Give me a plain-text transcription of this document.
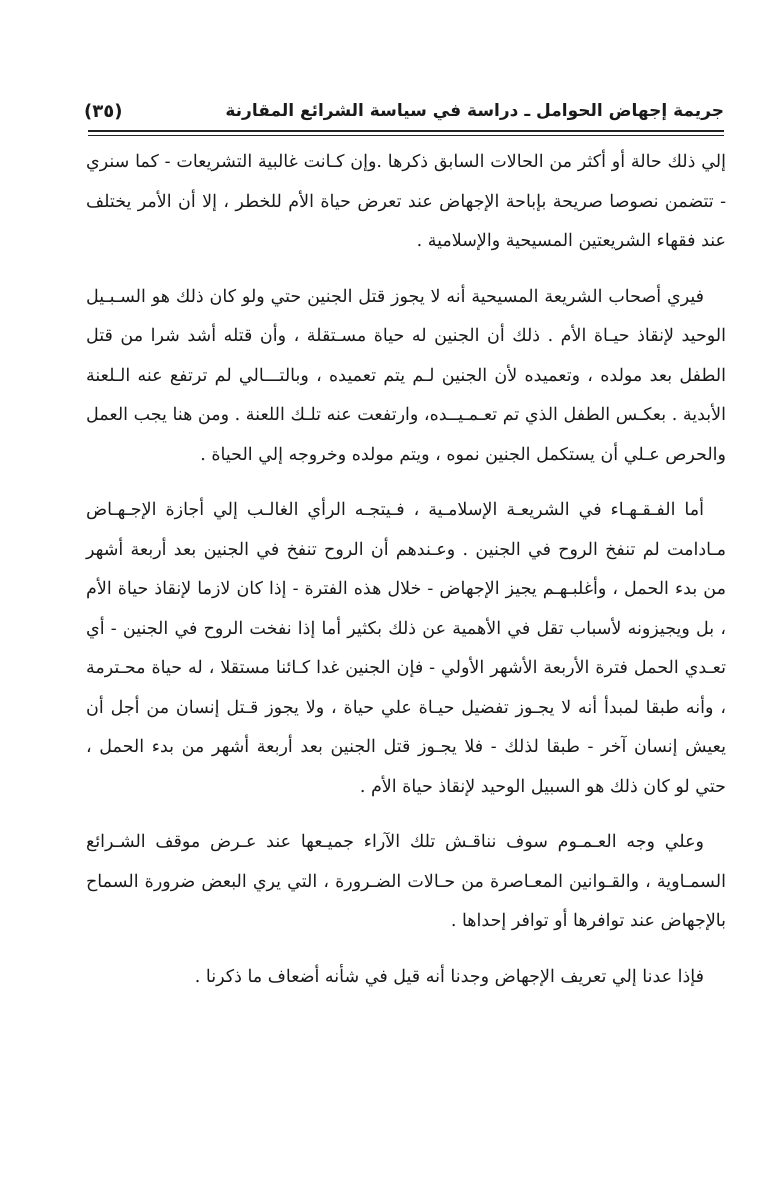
جريمة إجهاض الحوامل ـ دراسة في سياسة الشرائع المقارنة
(٣٥)

إلي ذلك حالة أو أكثر من الحالات السابق ذكرها .وإن كـانت غالبية التشريعات - كما سنري - تتضمن نصوصا صريحة بإباحة الإجهاض عند تعرض حياة الأم للخطر ، إلا أن الأمر يختلف عند فقهاء الشريعتين المسيحية والإسلامية .

فيري أصحاب الشريعة المسيحية أنه لا يجوز قتل الجنين حتي ولو كان ذلك هو السـبـيل الوحيد لإنقاذ حيـاة الأم . ذلك أن الجنين له حياة مسـتقلة ، وأن قتله أشد شرا من قتل الطفل بعد مولده ، وتعميده لأن الجنين لـم يتم تعميده ، وبالتـــالي لم ترتفع عنه الـلعنة الأبدية . بعكـس الطفل الذي تم تعـمـيــده، وارتفعت عنه تلـك اللعنة . ومن هنا يجب العمل والحرص عـلي أن يستكمل الجنين نموه ، ويتم مولده وخروجه إلي الحياة .

أما الفـقـهـاء في الشريعـة الإسلامـية ، فـيتجـه الرأي الغالـب إلي أجازة الإجـهـاض مـادامت لم تنفخ الروح في الجنين . وعـندهم أن الروح تنفخ في الجنين بعد أربعة أشهر من بدء الحمل ، وأغلبـهـم يجيز الإجهاض - خلال هذه الفترة - إذا كان لازما لإنقاذ حياة الأم ، بل ويجيزونه لأسباب تقل في الأهمية عن ذلك بكثير أما إذا نفخت الروح في الجنين - أي تعـدي الحمل فترة الأربعة الأشهر الأولي - فإن الجنين غدا كـائنا مستقلا ، له حياة محـترمة ، وأنه طبقا لمبدأ أنه لا يجـوز تفضيل حيـاة علي حياة ، ولا يجوز قـتل إنسان من أجل أن يعيش إنسان آخر - طبقا لذلك - فلا يجـوز قتل الجنين بعد أربعة أشهر من بدء الحمل ، حتي لو كان ذلك هو السبيل الوحيد لإنقاذ حياة الأم .

وعلي وجه العـمـوم سوف نناقـش تلك الآراء جميـعها عند عـرض موقف الشـرائع السمـاوية ، والقـوانين المعـاصرة من حـالات الضـرورة ، التي يري البعض ضرورة السماح بالإجهاض عند توافرها أو توافر إحداها .

فإذا عدنا إلي تعريف الإجهاض وجدنا أنه قيل في شأنه أضعاف ما ذكرنا .
